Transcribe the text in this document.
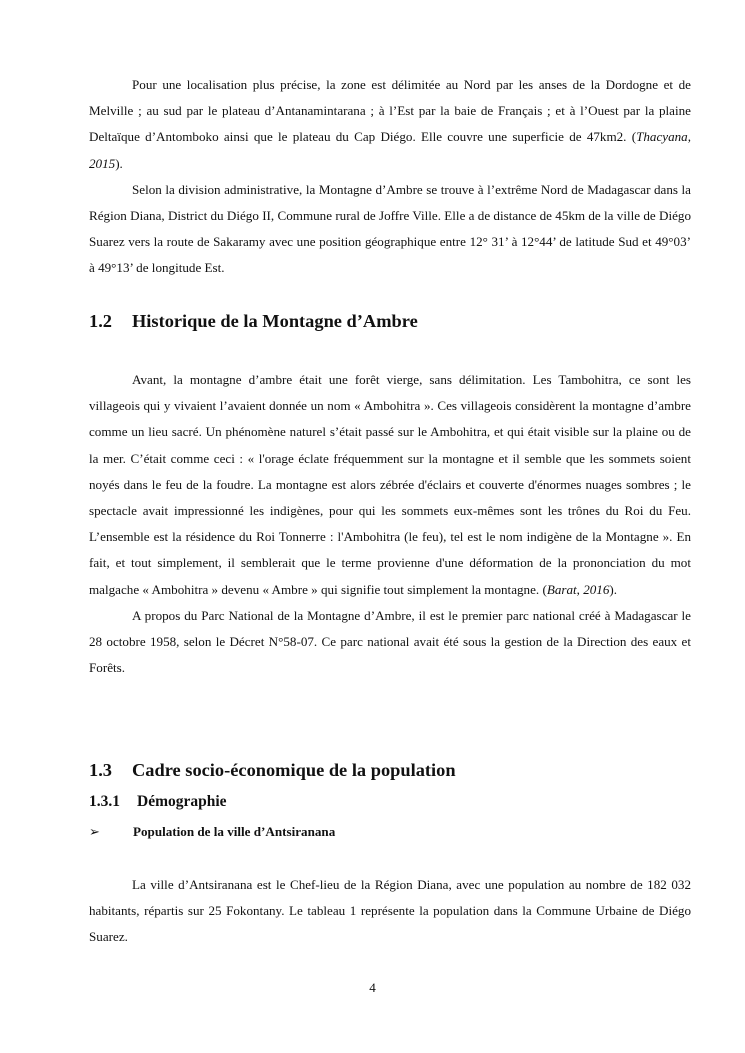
Pour une localisation plus précise, la zone est délimitée au Nord par les anses de la Dordogne et de Melville ; au sud par le plateau d’Antanamintarana ; à l’Est par la baie de Français ; et à l’Ouest par la plaine Deltaïque d’Antomboko ainsi que le plateau du Cap Diégo. Elle couvre une superficie de 47km2. (Thacyana, 2015).

Selon la division administrative, la Montagne d’Ambre se trouve à l’extrême Nord de Madagascar dans la Région Diana, District du Diégo II, Commune rural de Joffre Ville. Elle a de distance de 45km de la ville de Diégo Suarez vers la route de Sakaramy avec une position géographique entre 12° 31’ à 12°44’ de latitude Sud et 49°03’ à 49°13’ de longitude Est.

1.2 Historique de la Montagne d’Ambre

Avant, la montagne d’ambre était une forêt vierge, sans délimitation. Les Tambohitra, ce sont les villageois qui y vivaient l’avaient donnée un nom « Ambohitra ». Ces villageois considèrent la montagne d’ambre comme un lieu sacré. Un phénomène naturel s’était passé sur le Ambohitra, et qui était visible sur la plaine ou de la mer. C’était comme ceci : « l'orage éclate fréquemment sur la montagne et il semble que les sommets soient noyés dans le feu de la foudre. La montagne est alors zébrée d'éclairs et couverte d'énormes nuages sombres ; le spectacle avait impressionné les indigènes, pour qui les sommets eux-mêmes sont les trônes du Roi du Feu. L’ensemble est la résidence du Roi Tonnerre : l'Ambohitra (le feu), tel est le nom indigène de la Montagne ». En fait, et tout simplement, il semblerait que le terme provienne d'une déformation de la prononciation du mot malgache « Ambohitra » devenu « Ambre » qui signifie tout simplement la montagne. (Barat, 2016).

A propos du Parc National de la Montagne d’Ambre, il est le premier parc national créé à Madagascar le 28 octobre 1958, selon le Décret N°58-07. Ce parc national avait été sous la gestion de la Direction des eaux et Forêts.

1.3 Cadre socio-économique de la population
1.3.1 Démographie

➢	Population de la ville d’Antsiranana

La ville d’Antsiranana est le Chef-lieu de la Région Diana, avec une population au nombre de 182 032 habitants, répartis sur 25 Fokontany. Le tableau 1 représente la population dans la Commune Urbaine de Diégo Suarez.

4
